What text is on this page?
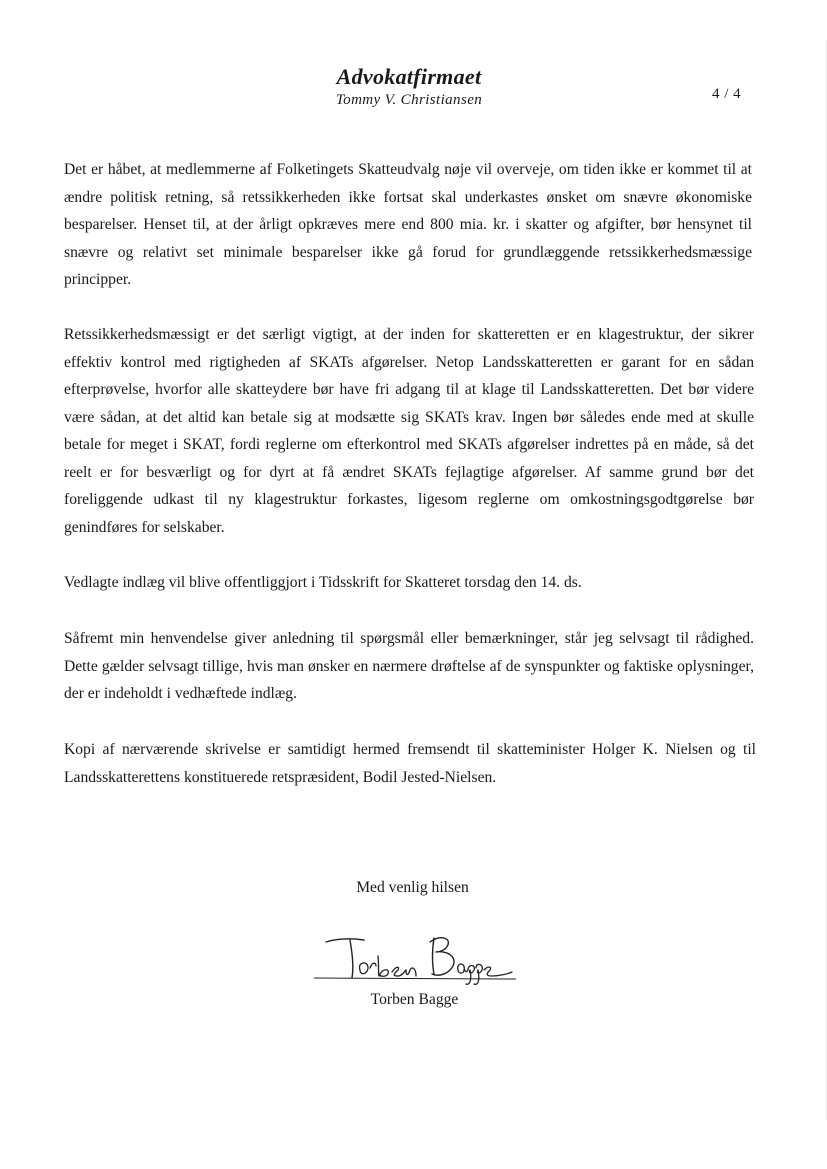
Advokatfirmaet
Tommy V. Christiansen	4 / 4

Det er håbet, at medlemmerne af Folketingets Skatteudvalg nøje vil overveje, om tiden ikke er kommet til at ændre politisk retning, så retssikkerheden ikke fortsat skal underkastes ønsket om snævre økonomiske besparelser. Henset til, at der årligt opkræves mere end 800 mia. kr. i skatter og afgifter, bør hensynet til snævre og relativt set minimale besparelser ikke gå forud for grundlæggende retssikkerhedsmæssige principper.

Retssikkerhedsmæssigt er det særligt vigtigt, at der inden for skatteretten er en klagestruktur, der sikrer effektiv kontrol med rigtigheden af SKATs afgørelser. Netop Landsskatteretten er garant for en sådan efterprøvelse, hvorfor alle skatteydere bør have fri adgang til at klage til Landsskatteretten. Det bør videre være sådan, at det altid kan betale sig at modsætte sig SKATs krav. Ingen bør således ende med at skulle betale for meget i SKAT, fordi reglerne om efterkontrol med SKATs afgørelser indrettes på en måde, så det reelt er for besværligt og for dyrt at få ændret SKATs fejlagtige afgørelser. Af samme grund bør det foreliggende udkast til ny klagestruktur forkastes, ligesom reglerne om omkostningsgodtgørelse bør genindføres for selskaber.

Vedlagte indlæg vil blive offentliggjort i Tidsskrift for Skatteret torsdag den 14. ds.

Såfremt min henvendelse giver anledning til spørgsmål eller bemærkninger, står jeg selvsagt til rådighed. Dette gælder selvsagt tillige, hvis man ønsker en nærmere drøftelse af de synspunkter og faktiske oplysninger, der er indeholdt i vedhæftede indlæg.

Kopi af nærværende skrivelse er samtidigt hermed fremsendt til skatteminister Holger K. Nielsen og til Landsskatterettens konstituerede retspræsident, Bodil Jested-Nielsen.

Med venlig hilsen
Torben Bagge
